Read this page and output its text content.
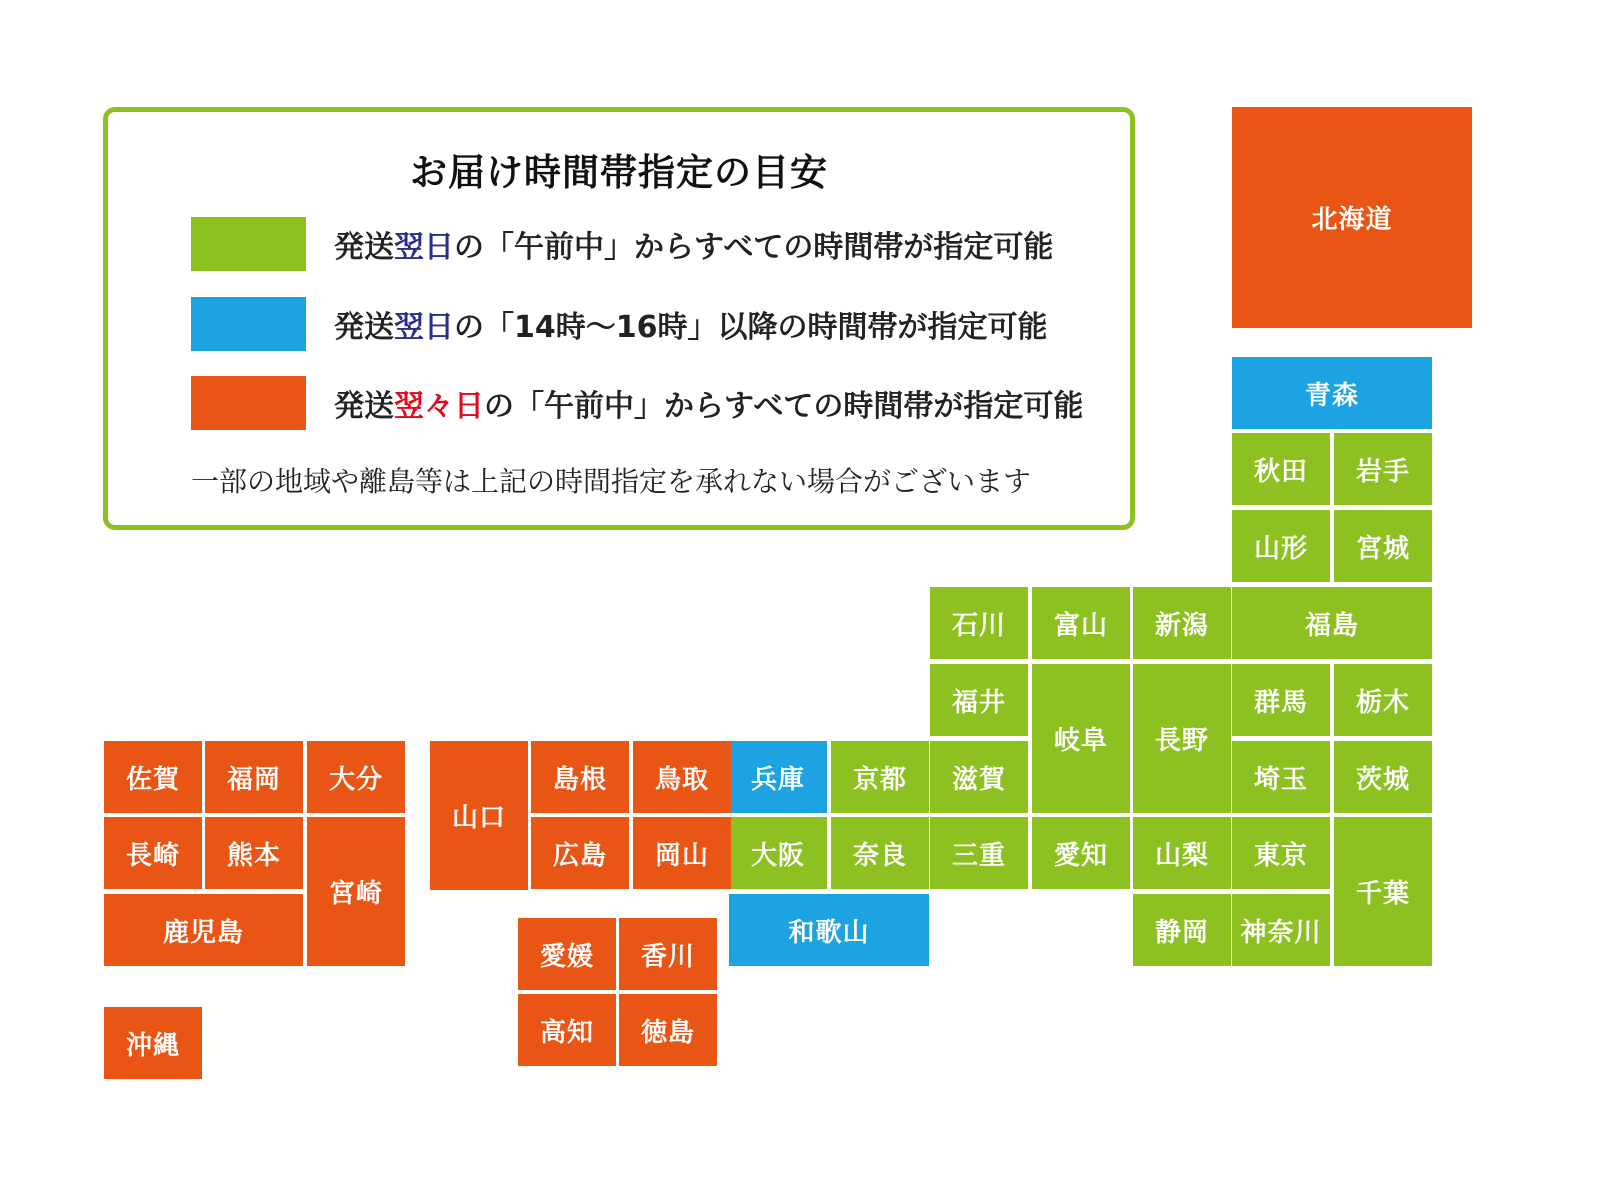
お届け時間帯指定の目安
発送翌日の「午前中」からすべての時間帯が指定可能
発送翌日の「14時～16時」以降の時間帯が指定可能
発送翌々日の「午前中」からすべての時間帯が指定可能
一部の地域や離島等は上記の時間指定を承れない場合がございます
北海道
青森
秋田	岩手
山形	宮城
石川	富山	新潟	福島
福井
岐阜	長野
群馬	栃木
滋賀	埼玉	茨城
三重	愛知	山梨	東京
千葉
静岡	神奈川
兵庫	京都
大阪	奈良
和歌山
山口
島根	鳥取
広島	岡山
愛媛	香川
高知	徳島
佐賀	福岡	大分
長崎	熊本
宮崎
鹿児島
沖縄
